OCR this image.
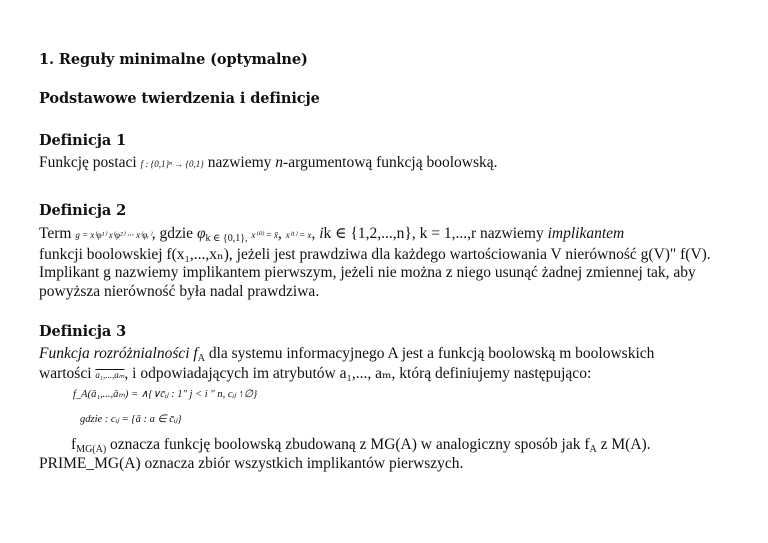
1. Reguły minimalne (optymalne)
Podstawowe twierdzenia i definicje
Definicja 1
Funkcję postaci f : {0,1}ⁿ → {0,1} nazwiemy n-argumentową funkcją boolowską.
Definicja 2
Term g = x⁽φ¹⁾ x⁽φ²⁾ ··· x⁽φᵣ⁾, gdzie $\varphi_{k \in \{0,1\},}$ x⁽⁰⁾ = x̄, x⁽¹⁾ = x, ik ∈ {1,2,...,n}, k = 1,...,r nazwiemy implikantem
funkcji boolowskiej f(x₁,...,xₙ), jeżeli jest prawdziwa dla każdego wartościowania V nierówność g(V)" f(V).
Implikant g nazwiemy implikantem pierwszym, jeżeli nie można z niego usunąć żadnej zmiennej tak, aby
powyższa nierówność była nadal prawdziwa.
Definicja 3
Funkcja rozróżnialności $f_A$ dla systemu informacyjnego A jest a funkcją boolowską m boolowskich
wartości a₁,...,aₘ, i odpowiadających im atrybutów a₁,..., aₘ, którą definiujemy następująco:
f_A(ā₁,...,āₘ) = ∧{∨c̄ᵢⱼ : 1" j < i " n, cᵢⱼ ↑∅}
gdzie : cᵢⱼ = {ā : a ∈ c̄ᵢⱼ}
$f_{MG(A)}$ oznacza funkcję boolowską zbudowaną z MG(A) w analogiczny sposób jak $f_A$ z M(A).
PRIME_MG(A) oznacza zbiór wszystkich implikantów pierwszych.
